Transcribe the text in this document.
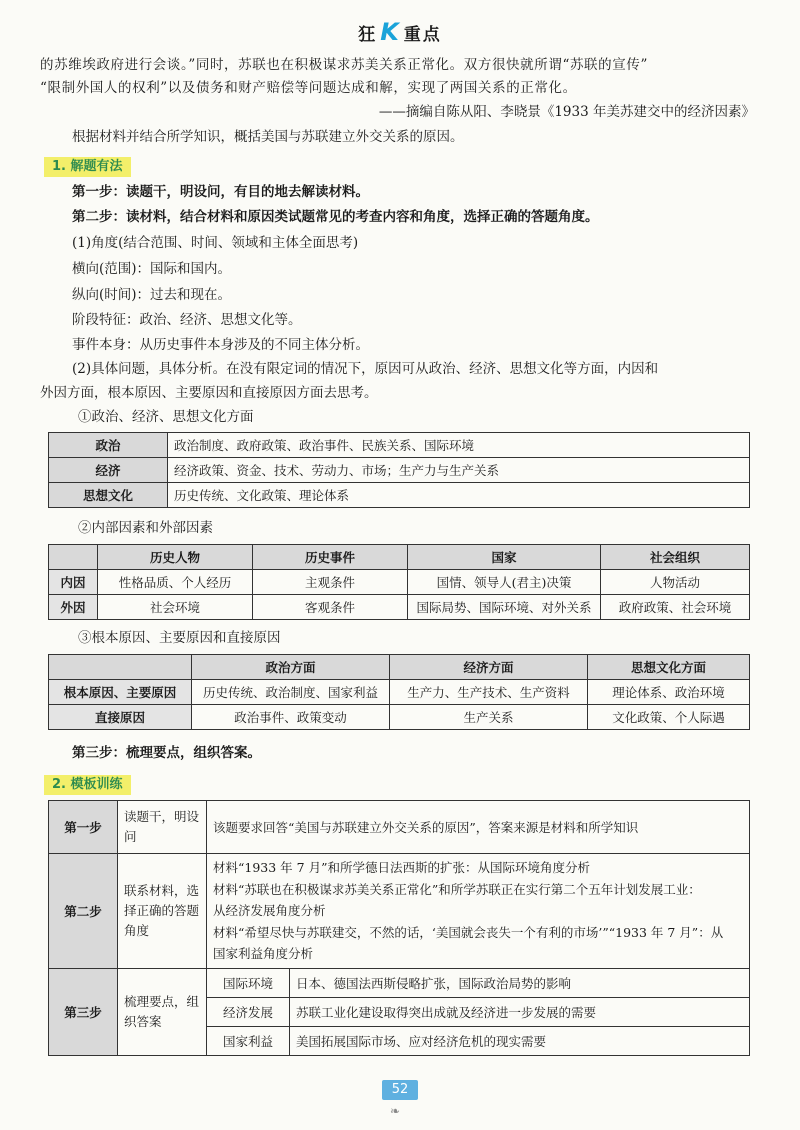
狂 K 重点
的苏维埃政府进行会谈。”同时，苏联也在积极谋求苏美关系正常化。双方很快就所谓“苏联的宣传”
“限制外国人的权利”以及债务和财产赔偿等问题达成和解，实现了两国关系的正常化。
——摘编自陈从阳、李晓景《1933 年美苏建交中的经济因素》
根据材料并结合所学知识，概括美国与苏联建立外交关系的原因。
1. 解题有法
第一步：读题干，明设问，有目的地去解读材料。
第二步：读材料，结合材料和原因类试题常见的考查内容和角度，选择正确的答题角度。
(1)角度(结合范围、时间、领域和主体全面思考)
横向(范围)：国际和国内。
纵向(时间)：过去和现在。
阶段特征：政治、经济、思想文化等。
事件本身：从历史事件本身涉及的不同主体分析。
(2)具体问题，具体分析。在没有限定词的情况下，原因可从政治、经济、思想文化等方面，内因和
外因方面，根本原因、主要原因和直接原因方面去思考。
①政治、经济、思想文化方面
政治	政治制度、政府政策、政治事件、民族关系、国际环境
经济	经济政策、资金、技术、劳动力、市场；生产力与生产关系
思想文化	历史传统、文化政策、理论体系
②内部因素和外部因素
	历史人物	历史事件	国家	社会组织
内因	性格品质、个人经历	主观条件	国情、领导人(君主)决策	人物活动
外因	社会环境	客观条件	国际局势、国际环境、对外关系	政府政策、社会环境
③根本原因、主要原因和直接原因
	政治方面	经济方面	思想文化方面
根本原因、主要原因	历史传统、政治制度、国家利益	生产力、生产技术、生产资料	理论体系、政治环境
直接原因	政治事件、政策变动	生产关系	文化政策、个人际遇
第三步：梳理要点，组织答案。
2. 模板训练
第一步	读题干，明设问	该题要求回答“美国与苏联建立外交关系的原因”，答案来源是材料和所学知识	
第二步	联系材料，选择正确的答题角度	材料“1933 年 7 月”和所学德日法西斯的扩张：从国际环境角度分析
材料“苏联也在积极谋求苏美关系正常化”和所学苏联正在实行第二个五年计划发展工业：
从经济发展角度分析
材料“希望尽快与苏联建交，不然的话，‘美国就会丧失一个有利的市场’”“1933 年 7 月”：从
国家利益角度分析	

第三步	梳理要点，组织答案	国际环境	日本、德国法西斯侵略扩张，国际政治局势的影响
		经济发展	苏联工业化建设取得突出成就及经济进一步发展的需要
		国家利益	美国拓展国际市场、应对经济危机的现实需要
52
❧
